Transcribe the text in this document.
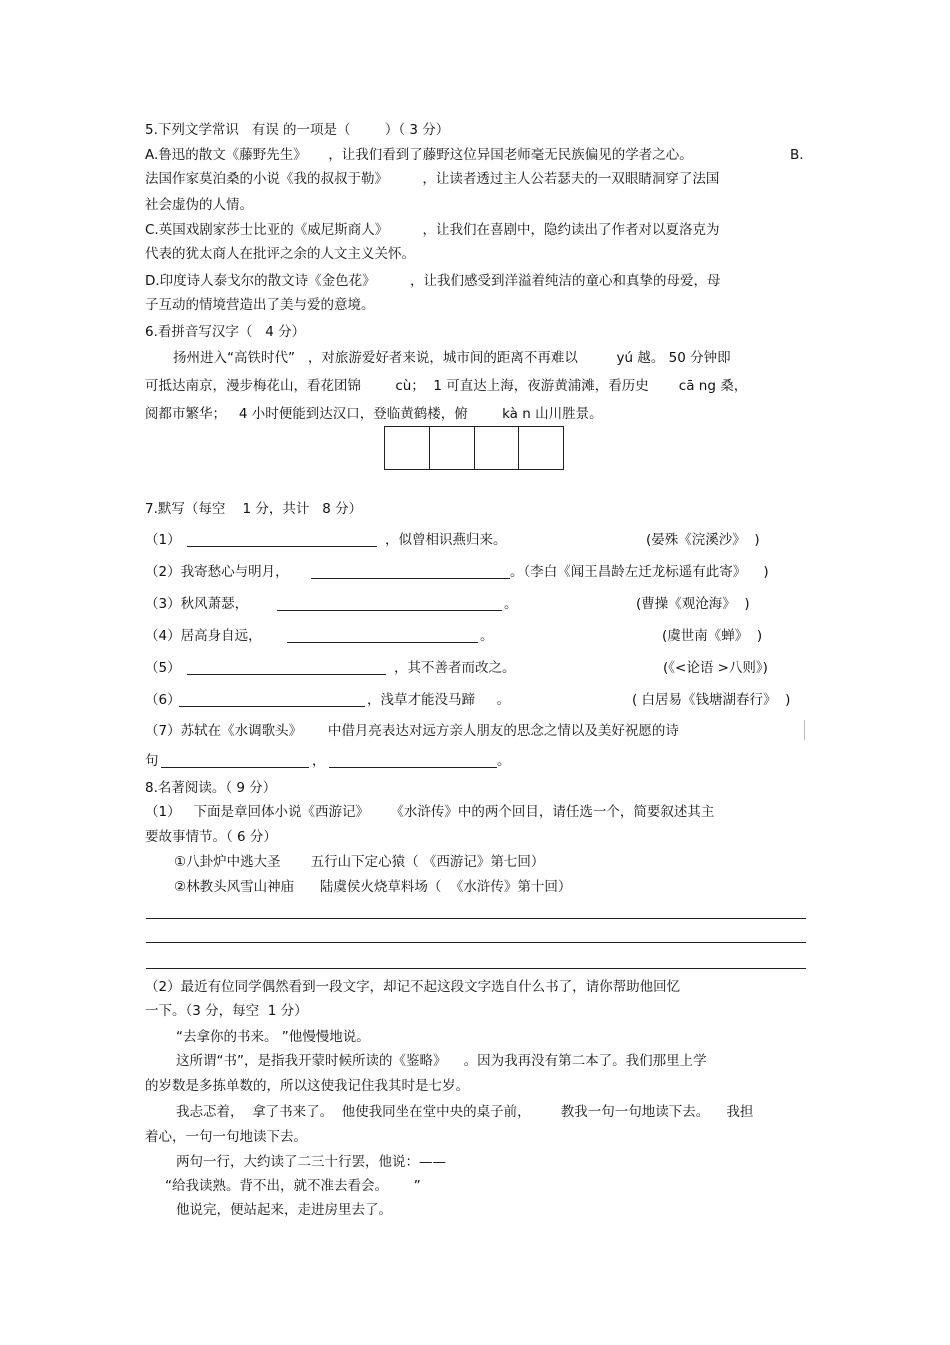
5.下列文学常识   有误 的一项是（        ）（ 3 分）
A.鲁迅的散文《藤野先生》     ，让我们看到了藤野这位异国老师毫无民族偏见的学者之心。	B.
法国作家莫泊桑的小说《我的叔叔于勒》        ，让读者透过主人公若瑟夫的一双眼睛洞穿了法国
社会虚伪的人情。
C.英国戏剧家莎士比亚的《威尼斯商人》        ，让我们在喜剧中，隐约读出了作者对以夏洛克为
代表的犹太商人在批评之余的人文主义关怀。
D.印度诗人泰戈尔的散文诗《金色花》        ，让我们感受到洋溢着纯洁的童心和真挚的母爱，母
子互动的情境营造出了美与爱的意境。
6.看拼音写汉字（   4 分）
扬州进入“高铁时代”   ，对旅游爱好者来说，城市间的距离不再难以         yú 越。 50 分钟即
可抵达南京，漫步梅花山，看花团锦        cù；  1 可直达上海，夜游黄浦滩，看历史       cā ng 桑，
阅都市繁华；   4 小时便能到达汉口，登临黄鹤楼，俯        kà n 山川胜景。
7.默写（每空    1 分，共计   8 分）
（1）	，似曾相识燕归来。	(晏殊《浣溪沙》  )
（2）我寄愁心与明月，	。（李白《闻王昌龄左迁龙标遥有此寄》    )
（3）秋风萧瑟，	。	(曹操《观沧海》  )
（4）居高身自远，	。	(虞世南《蝉》  )
（5）	，其不善者而改之。	(《<论语 >八则》)
（6）	，浅草才能没马蹄     。	( 白居易《钱塘湖春行》  )
（7）苏轼在《水调歌头》      中借月亮表达对远方亲人朋友的思念之情以及美好祝愿的诗
句	，	。
8.名著阅读。（ 9 分）
（1）   下面是章回体小说《西游记》     《水浒传》中的两个回目，请任选一个，简要叙述其主
要故事情节。（ 6 分）
①八卦炉中逃大圣       五行山下定心猿（ 《西游记》第七回）
②林教头风雪山神庙      陆虞侯火烧草料场（  《水浒传》第十回）
（2）最近有位同学偶然看到一段文字，却记不起这段文字选自什么书了，请你帮助他回忆
一下。（3 分，每空  1 分）
“去拿你的书来。 ”他慢慢地说。
这所谓“书”，是指我开蒙时候所读的《鉴略》    。因为我再没有第二本了。我们那里上学
的岁数是多拣单数的，所以这使我记住我其时是七岁。
我忐忑着，  拿了书来了。  他使我同坐在堂中央的桌子前，       教我一句一句地读下去。    我担
着心，一句一句地读下去。
两句一行，大约读了二三十行罢，他说：——
“给我读熟。背不出，就不准去看会。      ”
他说完，便站起来，走进房里去了。
